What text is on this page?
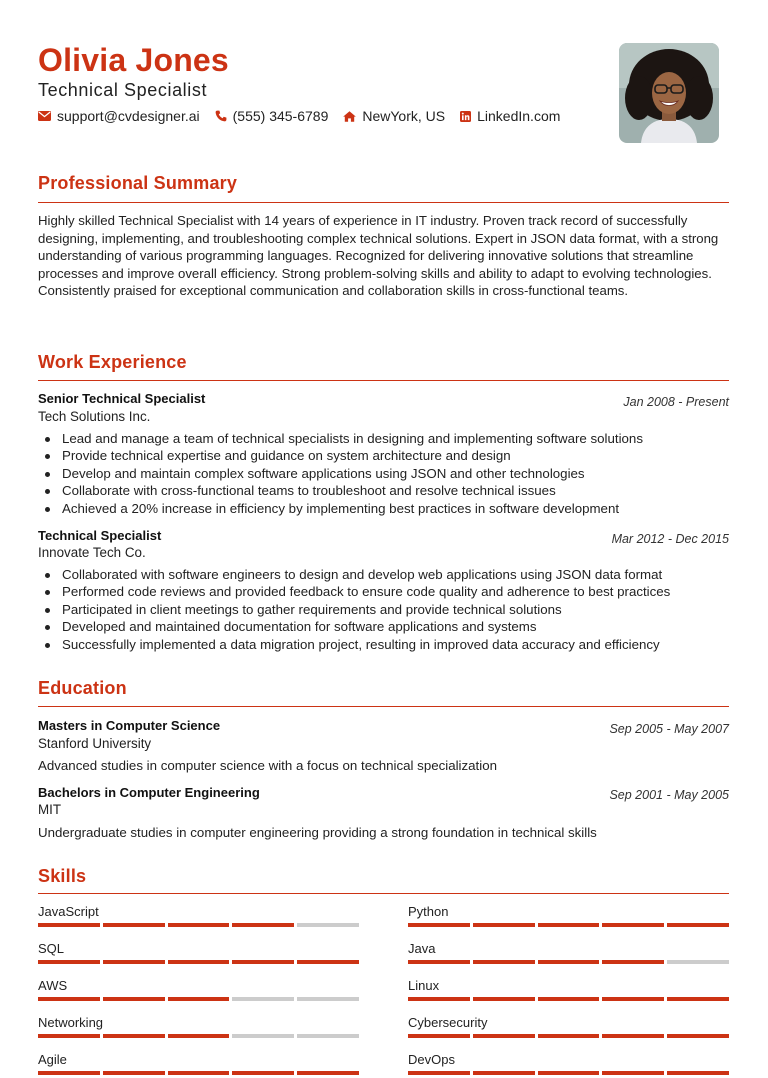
Olivia Jones
Technical Specialist
support@cvdesigner.ai (555) 345-6789 NewYork, US LinkedIn.com
Professional Summary
Highly skilled Technical Specialist with 14 years of experience in IT industry. Proven track record of successfully designing, implementing, and troubleshooting complex technical solutions. Expert in JSON data format, with a strong understanding of various programming languages. Recognized for delivering innovative solutions that streamline processes and improve overall efficiency. Strong problem-solving skills and ability to adapt to evolving technologies. Consistently praised for exceptional communication and collaboration skills in cross-functional teams.
Work Experience
Senior Technical Specialist	Jan 2008 - Present
Tech Solutions Inc.
Lead and manage a team of technical specialists in designing and implementing software solutions
Provide technical expertise and guidance on system architecture and design
Develop and maintain complex software applications using JSON and other technologies
Collaborate with cross-functional teams to troubleshoot and resolve technical issues
Achieved a 20% increase in efficiency by implementing best practices in software development
Technical Specialist	Mar 2012 - Dec 2015
Innovate Tech Co.
Collaborated with software engineers to design and develop web applications using JSON data format
Performed code reviews and provided feedback to ensure code quality and adherence to best practices
Participated in client meetings to gather requirements and provide technical solutions
Developed and maintained documentation for software applications and systems
Successfully implemented a data migration project, resulting in improved data accuracy and efficiency
Education
Masters in Computer Science	Sep 2005 - May 2007
Stanford University
Advanced studies in computer science with a focus on technical specialization
Bachelors in Computer Engineering	Sep 2001 - May 2005
MIT
Undergraduate studies in computer engineering providing a strong foundation in technical skills
Skills
JavaScript	Python
SQL	Java
AWS	Linux
Networking	Cybersecurity
Agile	DevOps
